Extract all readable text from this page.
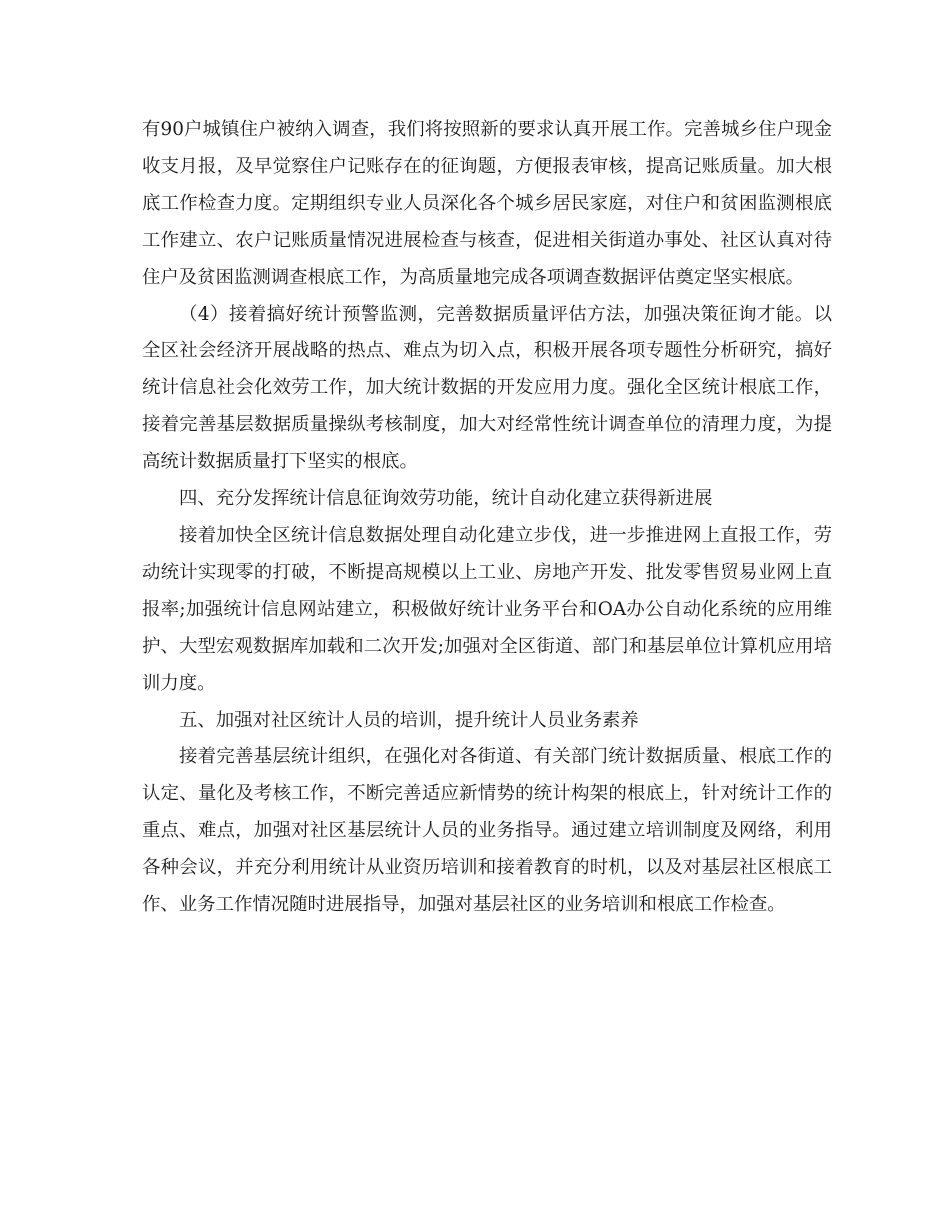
有90户城镇住户被纳入调查，我们将按照新的要求认真开展工作。完善城乡住户现金收支月报，及早觉察住户记账存在的征询题，方便报表审核，提高记账质量。加大根底工作检查力度。定期组织专业人员深化各个城乡居民家庭，对住户和贫困监测根底工作建立、农户记账质量情况进展检查与核查，促进相关街道办事处、社区认真对待住户及贫困监测调查根底工作，为高质量地完成各项调查数据评估奠定坚实根底。

（4）接着搞好统计预警监测，完善数据质量评估方法，加强决策征询才能。以全区社会经济开展战略的热点、难点为切入点，积极开展各项专题性分析研究，搞好统计信息社会化效劳工作，加大统计数据的开发应用力度。强化全区统计根底工作，接着完善基层数据质量操纵考核制度，加大对经常性统计调查单位的清理力度，为提高统计数据质量打下坚实的根底。

四、充分发挥统计信息征询效劳功能，统计自动化建立获得新进展

接着加快全区统计信息数据处理自动化建立步伐，进一步推进网上直报工作，劳动统计实现零的打破，不断提高规模以上工业、房地产开发、批发零售贸易业网上直报率;加强统计信息网站建立，积极做好统计业务平台和OA办公自动化系统的应用维护、大型宏观数据库加载和二次开发;加强对全区街道、部门和基层单位计算机应用培训力度。

五、加强对社区统计人员的培训，提升统计人员业务素养

接着完善基层统计组织，在强化对各街道、有关部门统计数据质量、根底工作的认定、量化及考核工作，不断完善适应新情势的统计构架的根底上，针对统计工作的重点、难点，加强对社区基层统计人员的业务指导。通过建立培训制度及网络，利用各种会议，并充分利用统计从业资历培训和接着教育的时机，以及对基层社区根底工作、业务工作情况随时进展指导，加强对基层社区的业务培训和根底工作检查。
